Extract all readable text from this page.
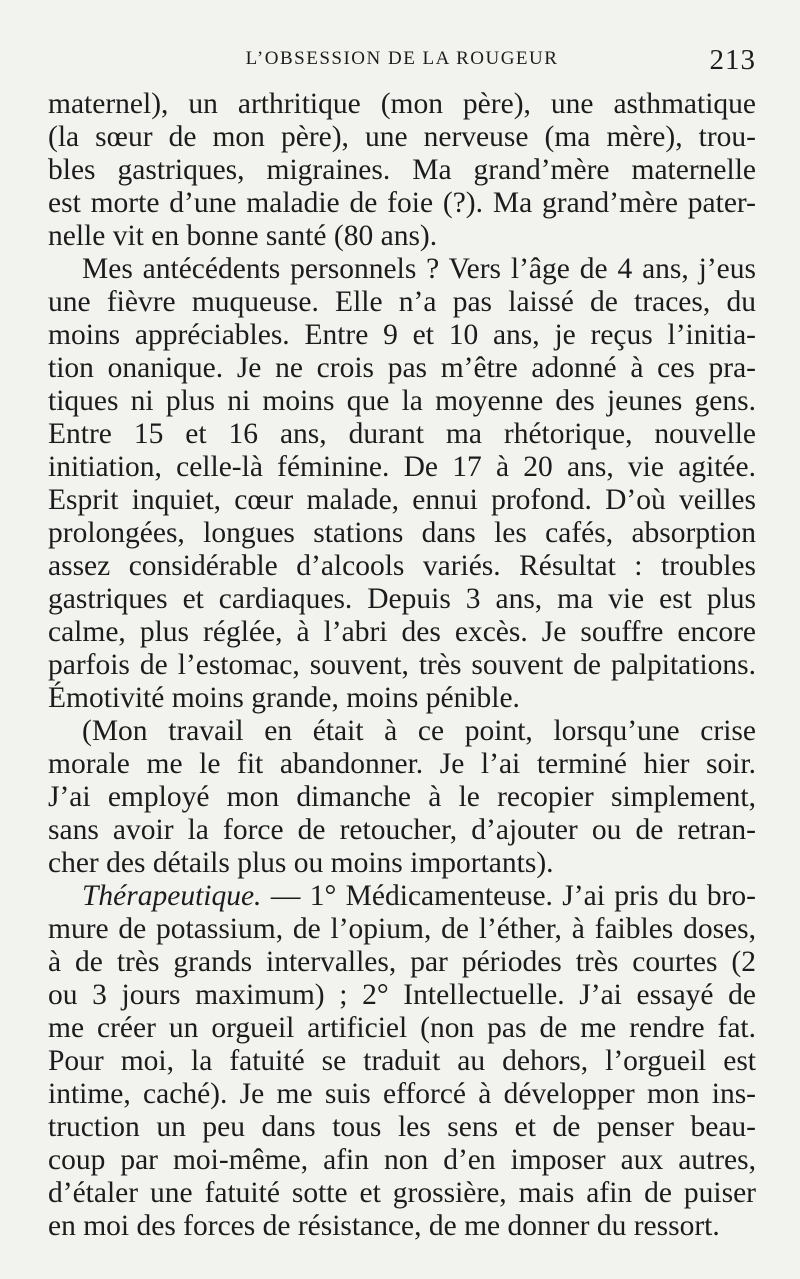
L’OBSESSION DE LA ROUGEUR	213
maternel), un arthritique (mon père), une asthmatique
(la sœur de mon père), une nerveuse (ma mère), trou-
bles gastriques, migraines. Ma grand’mère maternelle
est morte d’une maladie de foie (?). Ma grand’mère pater-
nelle vit en bonne santé (80 ans).
Mes antécédents personnels ? Vers l’âge de 4 ans, j’eus
une fièvre muqueuse. Elle n’a pas laissé de traces, du
moins appréciables. Entre 9 et 10 ans, je reçus l’initia-
tion onanique. Je ne crois pas m’être adonné à ces pra-
tiques ni plus ni moins que la moyenne des jeunes gens.
Entre 15 et 16 ans, durant ma rhétorique, nouvelle
initiation, celle-là féminine. De 17 à 20 ans, vie agitée.
Esprit inquiet, cœur malade, ennui profond. D’où veilles
prolongées, longues stations dans les cafés, absorption
assez considérable d’alcools variés. Résultat : troubles
gastriques et cardiaques. Depuis 3 ans, ma vie est plus
calme, plus réglée, à l’abri des excès. Je souffre encore
parfois de l’estomac, souvent, très souvent de palpitations.
Émotivité moins grande, moins pénible.
(Mon travail en était à ce point, lorsqu’une crise
morale me le fit abandonner. Je l’ai terminé hier soir.
J’ai employé mon dimanche à le recopier simplement,
sans avoir la force de retoucher, d’ajouter ou de retran-
cher des détails plus ou moins importants).
Thérapeutique. — 1° Médicamenteuse. J’ai pris du bro-
mure de potassium, de l’opium, de l’éther, à faibles doses,
à de très grands intervalles, par périodes très courtes (2
ou 3 jours maximum) ; 2° Intellectuelle. J’ai essayé de
me créer un orgueil artificiel (non pas de me rendre fat.
Pour moi, la fatuité se traduit au dehors, l’orgueil est
intime, caché). Je me suis efforcé à développer mon ins-
truction un peu dans tous les sens et de penser beau-
coup par moi-même, afin non d’en imposer aux autres,
d’étaler une fatuité sotte et grossière, mais afin de puiser
en moi des forces de résistance, de me donner du ressort.
